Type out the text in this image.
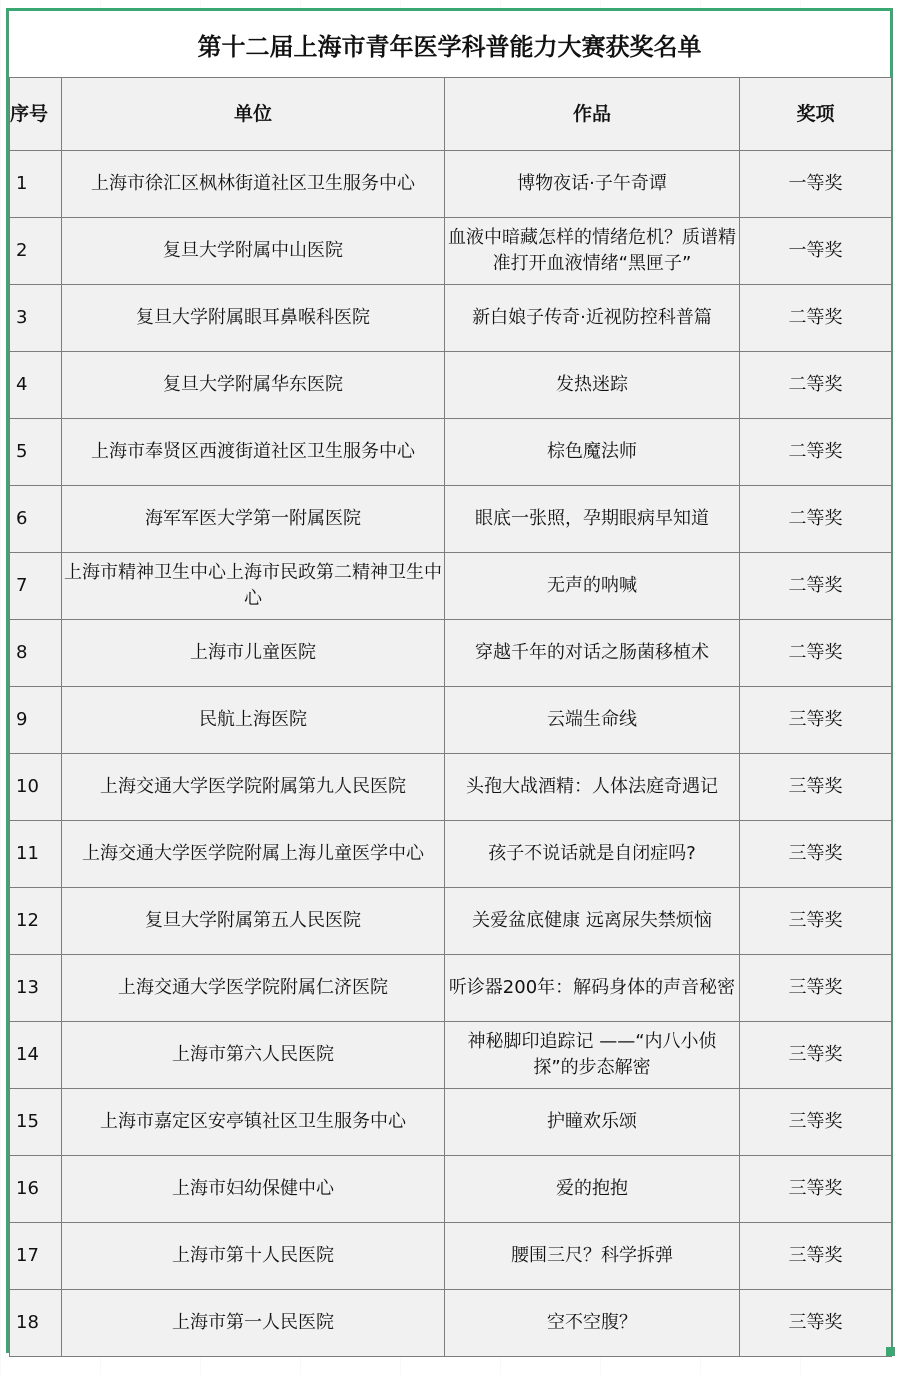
第十二届上海市青年医学科普能力大赛获奖名单
序号	单位	作品	奖项
1	上海市徐汇区枫林街道社区卫生服务中心	博物夜话·子午奇谭	一等奖
2	复旦大学附属中山医院	血液中暗藏怎样的情绪危机？质谱精准打开血液情绪“黑匣子”	一等奖
3	复旦大学附属眼耳鼻喉科医院	新白娘子传奇·近视防控科普篇	二等奖
4	复旦大学附属华东医院	发热迷踪	二等奖
5	上海市奉贤区西渡街道社区卫生服务中心	棕色魔法师	二等奖
6	海军军医大学第一附属医院	眼底一张照，孕期眼病早知道	二等奖
7	上海市精神卫生中心上海市民政第二精神卫生中心	无声的呐喊	二等奖
8	上海市儿童医院	穿越千年的对话之肠菌移植术	二等奖
9	民航上海医院	云端生命线	三等奖
10	上海交通大学医学院附属第九人民医院	头孢大战酒精：人体法庭奇遇记	三等奖
11	上海交通大学医学院附属上海儿童医学中心	孩子不说话就是自闭症吗?	三等奖
12	复旦大学附属第五人民医院	关爱盆底健康 远离尿失禁烦恼	三等奖
13	上海交通大学医学院附属仁济医院	听诊器200年：解码身体的声音秘密	三等奖
14	上海市第六人民医院	神秘脚印追踪记 ——“内八小侦探”的步态解密	三等奖
15	上海市嘉定区安亭镇社区卫生服务中心	护瞳欢乐颂	三等奖
16	上海市妇幼保健中心	爱的抱抱	三等奖
17	上海市第十人民医院	腰围三尺？科学拆弹	三等奖
18	上海市第一人民医院	空不空腹？	三等奖
